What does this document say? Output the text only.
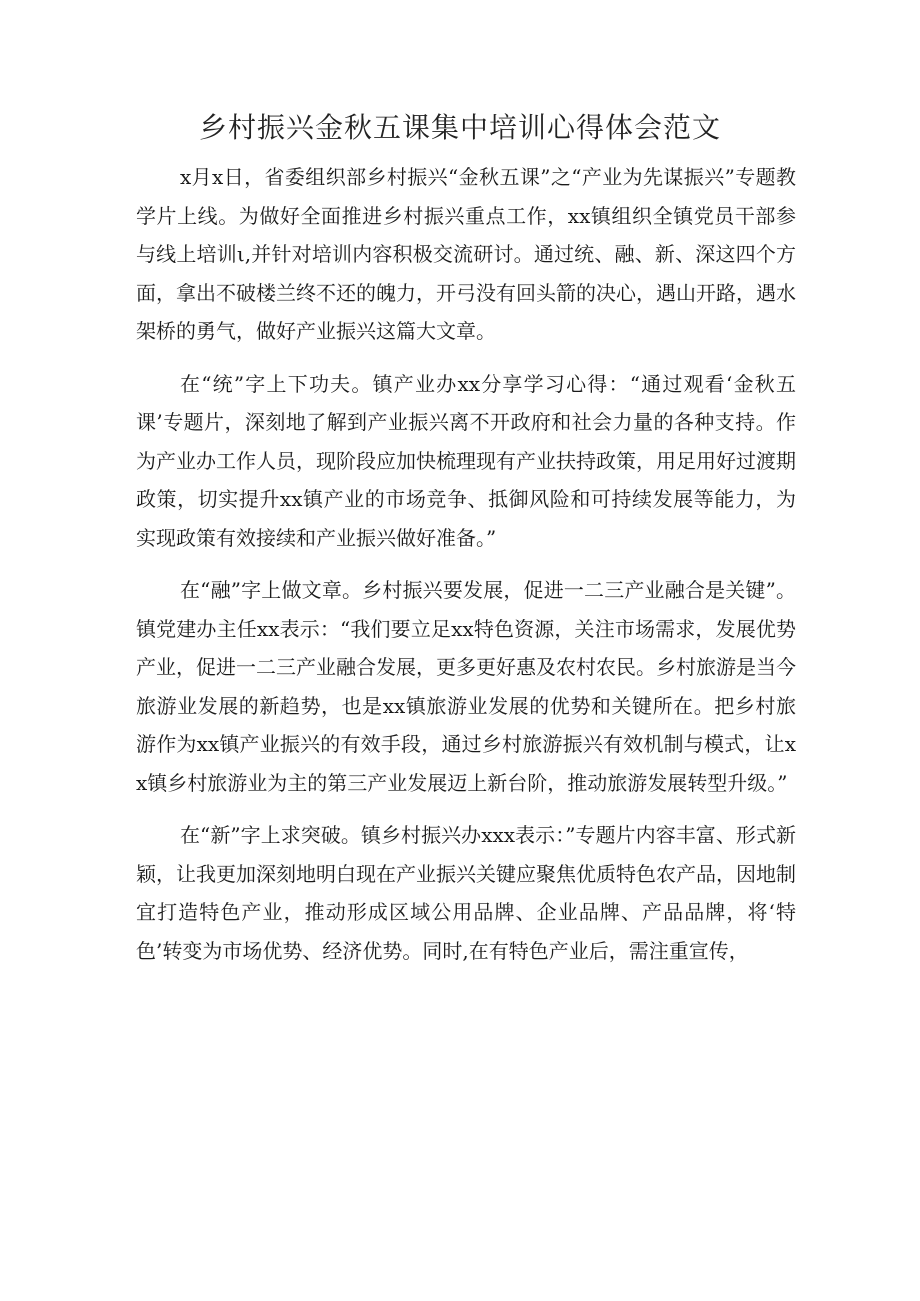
乡村振兴金秋五课集中培训心得体会范文

x月x日，省委组织部乡村振兴“金秋五课”之“产业为先谋振兴”专题教学片上线。为做好全面推进乡村振兴重点工作，xx镇组织全镇党员干部参与线上培训ι,并针对培训内容积极交流研讨。通过统、融、新、深这四个方面，拿出不破楼兰终不还的魄力，开弓没有回头箭的决心，遇山开路，遇水架桥的勇气，做好产业振兴这篇大文章。

在“统”字上下功夫。镇产业办xx分享学习心得：“通过观看‘金秋五课’专题片，深刻地了解到产业振兴离不开政府和社会力量的各种支持。作为产业办工作人员，现阶段应加快梳理现有产业扶持政策，用足用好过渡期政策，切实提升xx镇产业的市场竞争、抵御风险和可持续发展等能力，为实现政策有效接续和产业振兴做好准备。”

在“融”字上做文章。乡村振兴要发展，促进一二三产业融合是关键”。镇党建办主任xx表示：“我们要立足xx特色资源，关注市场需求，发展优势产业，促进一二三产业融合发展，更多更好惠及农村农民。乡村旅游是当今旅游业发展的新趋势，也是xx镇旅游业发展的优势和关键所在。把乡村旅游作为xx镇产业振兴的有效手段，通过乡村旅游振兴有效机制与模式，让xx镇乡村旅游业为主的第三产业发展迈上新台阶，推动旅游发展转型升级。”

在“新”字上求突破。镇乡村振兴办xxx表示：”专题片内容丰富、形式新颖，让我更加深刻地明白现在产业振兴关键应聚焦优质特色农产品，因地制宜打造特色产业，推动形成区域公用品牌、企业品牌、产品品牌，将‘特色’转变为市场优势、经济优势。同时,在有特色产业后，需注重宣传，
